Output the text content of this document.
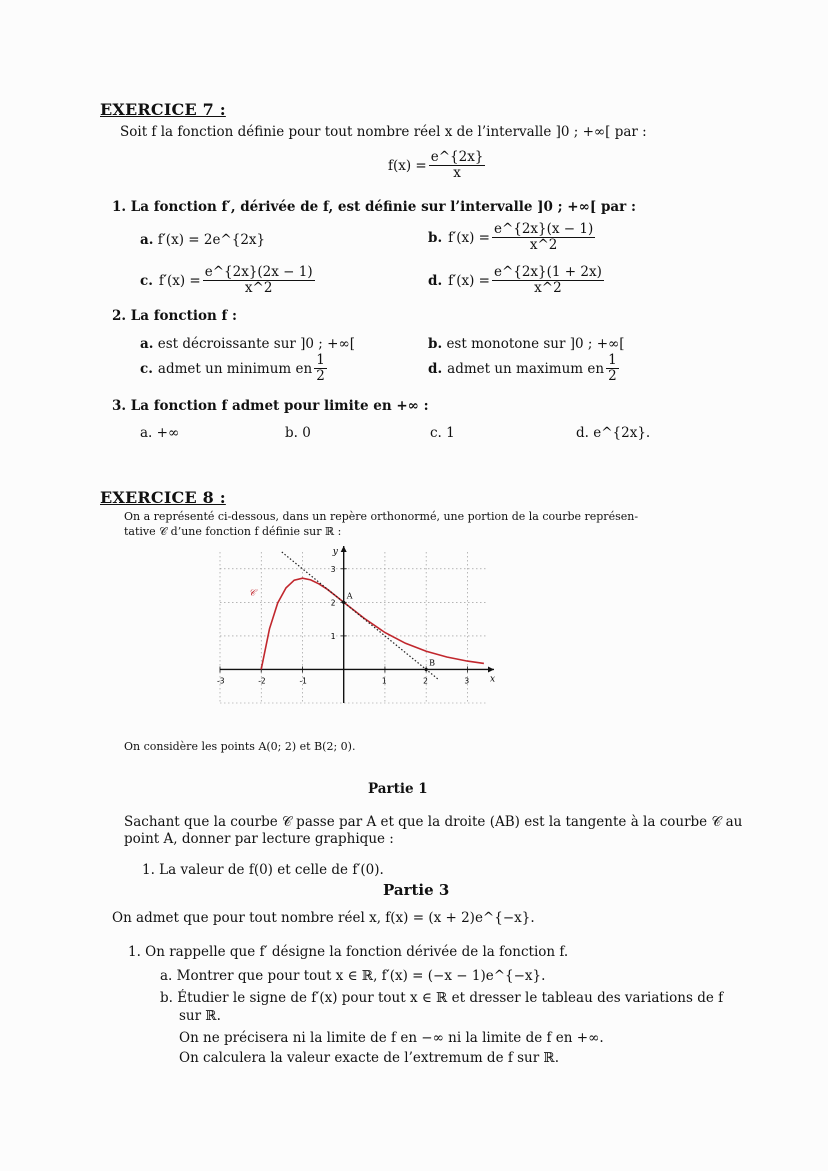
EXERCICE 7 :
Soit f la fonction définie pour tout nombre réel x de l’intervalle ]0 ; +∞[ par :
$f(x) = \frac{e\^{}\{2x\}}{x}$
1. La fonction f′, dérivée de f, est définie sur l’intervalle ]0 ; +∞[ par :
a. f′(x) = 2e^{2x}	b. $f'(x) = \frac{e\^{}\{2x\}(x - 1)}{x\^{}2}$
c. $f'(x) = \frac{e\^{}\{2x\}(2x - 1)}{x\^{}2}$	d. $f'(x) = \frac{e\^{}\{2x\}(1 + 2x)}{x\^{}2}$
2. La fonction f :
a. est décroissante sur ]0 ; +∞[	b. est monotone sur ]0 ; +∞[
c. admet un minimum en $\frac{1}{2}$	d. admet un maximum en $\frac{1}{2}$
3. La fonction f admet pour limite en +∞ :
a. +∞	b. 0	c. 1	d. e^{2x}.
EXERCICE 8 :
On a représenté ci-dessous, dans un repère orthonormé, une portion de la courbe représen-
tative 𝒞 d’une fonction f définie sur ℝ :
x
y
-3	-2	-1	1	2	3
1
2
3
𝒞	A
B
On considère les points A(0; 2) et B(2; 0).
Partie 1
Sachant que la courbe 𝒞 passe par A et que la droite (AB) est la tangente à la courbe 𝒞 au
point A, donner par lecture graphique :
1. La valeur de f(0) et celle de f′(0).
Partie 3
On admet que pour tout nombre réel x, f(x) = (x + 2)e^{−x}.
1. On rappelle que f′ désigne la fonction dérivée de la fonction f.
a. Montrer que pour tout x ∈ ℝ, f′(x) = (−x − 1)e^{−x}.
b. Étudier le signe de f′(x) pour tout x ∈ ℝ et dresser le tableau des variations de f
sur ℝ.
On ne précisera ni la limite de f en −∞ ni la limite de f en +∞.
On calculera la valeur exacte de l’extremum de f sur ℝ.
